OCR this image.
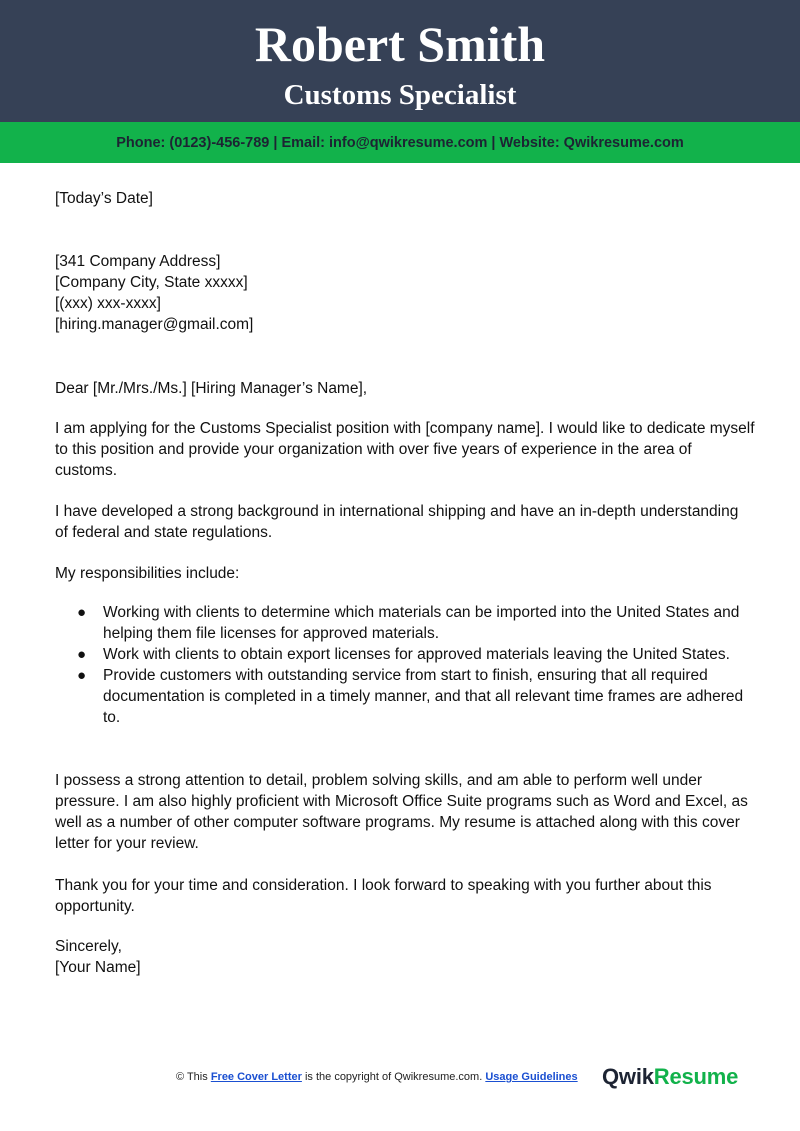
Robert Smith
Customs Specialist
Phone: (0123)-456-789 | Email: info@qwikresume.com | Website: Qwikresume.com

[Today’s Date]

[341 Company Address]

[Company City, State xxxxx]

[(xxx) xxx-xxxx]

[hiring.manager@gmail.com]

Dear [Mr./Mrs./Ms.] [Hiring Manager’s Name],

I am applying for the Customs Specialist position with [company name]. I would like to dedicate myself to this position and provide your organization with over five years of experience in the area of customs.

I have developed a strong background in international shipping and have an in-depth understanding of federal and state regulations.

My responsibilities include:

● Working with clients to determine which materials can be imported into the United States and helping them file licenses for approved materials.
● Work with clients to obtain export licenses for approved materials leaving the United States.
● Provide customers with outstanding service from start to finish, ensuring that all required documentation is completed in a timely manner, and that all relevant time frames are adhered to.

I possess a strong attention to detail, problem solving skills, and am able to perform well under pressure. I am also highly proficient with Microsoft Office Suite programs such as Word and Excel, as well as a number of other computer software programs. My resume is attached along with this cover letter for your review.

Thank you for your time and consideration. I look forward to speaking with you further about this opportunity.

Sincerely,

[Your Name]

© This Free Cover Letter is the copyright of Qwikresume.com. Usage Guidelines QwikResume
